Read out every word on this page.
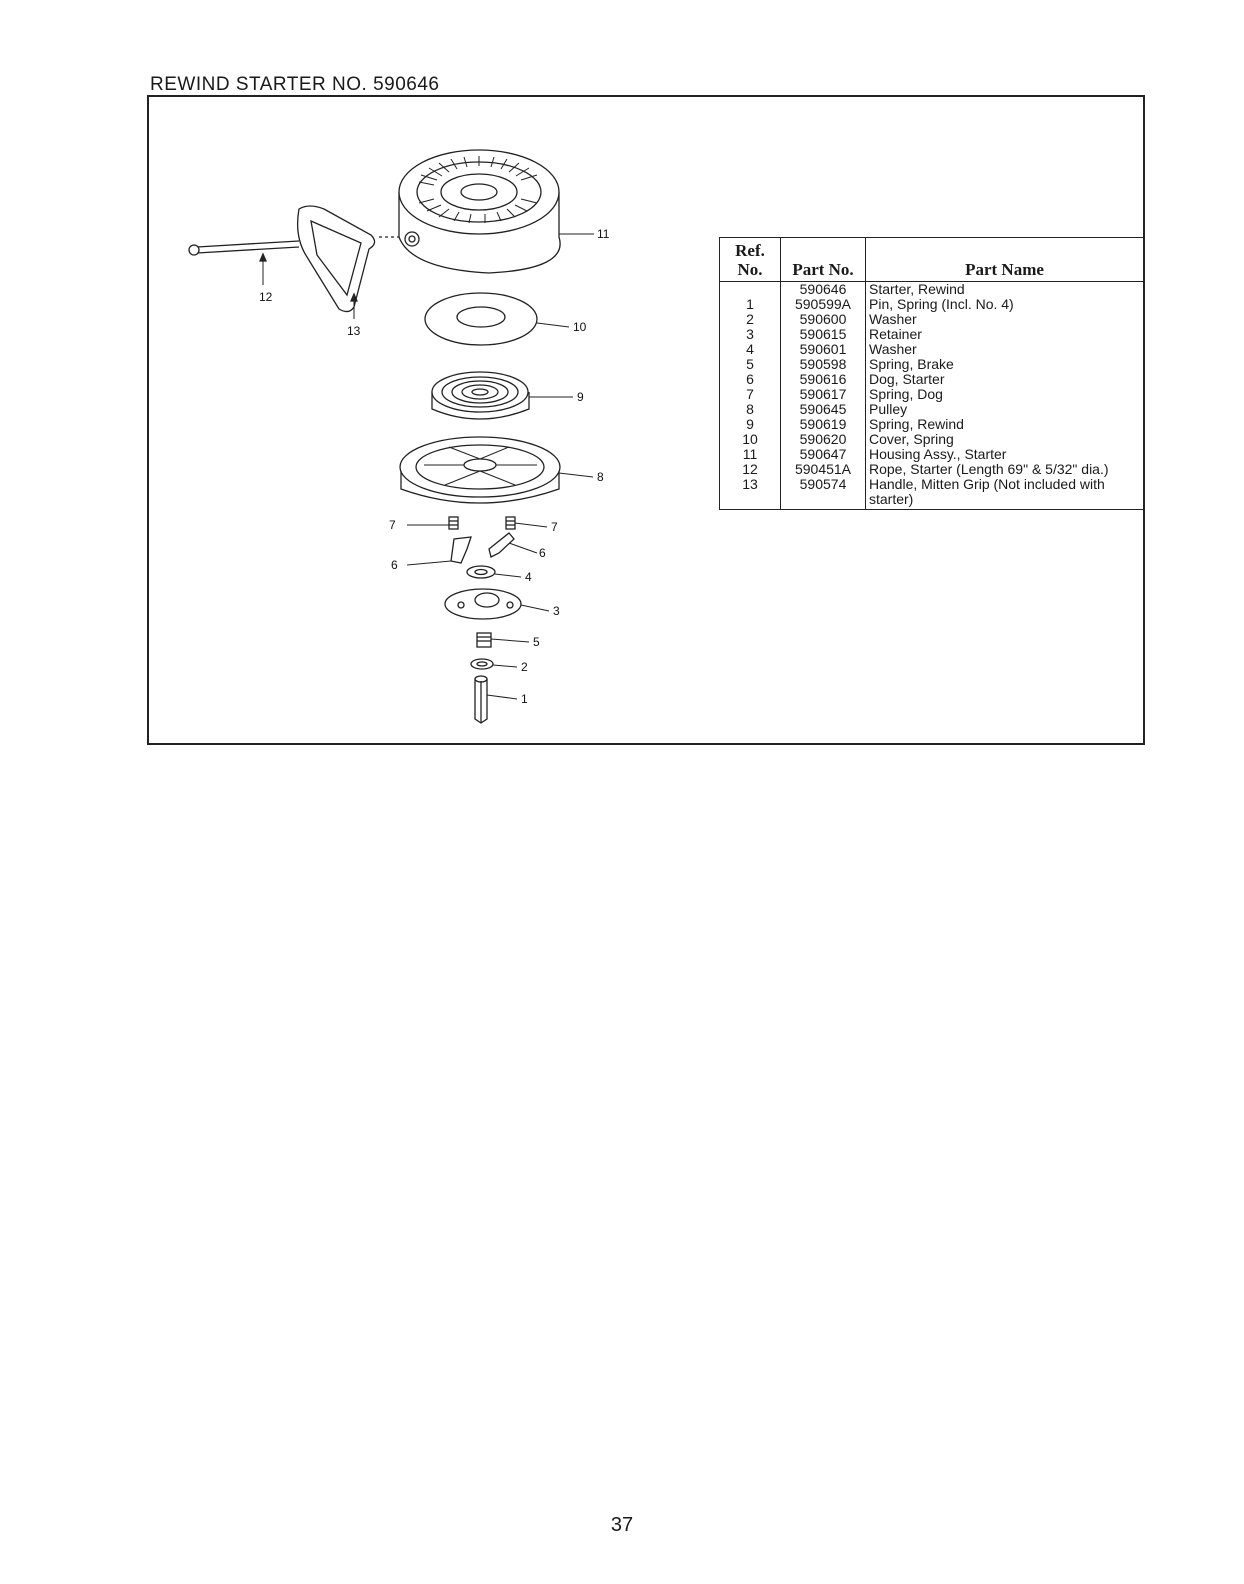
REWIND STARTER NO. 590646
11
12
13	10
9
8
7	7
6
6
4
3
5
2
1
Ref. No.	Part No.	Part Name
	590646	Starter, Rewind
1	590599A	Pin, Spring (Incl. No. 4)
2	590600	Washer
3	590615	Retainer
4	590601	Washer
5	590598	Spring, Brake
6	590616	Dog, Starter
7	590617	Spring, Dog
8	590645	Pulley
9	590619	Spring, Rewind
10	590620	Cover, Spring
11	590647	Housing Assy., Starter
12	590451A	Rope, Starter (Length 69" & 5/32" dia.)
13	590574	Handle, Mitten Grip (Not included with starter)
37
